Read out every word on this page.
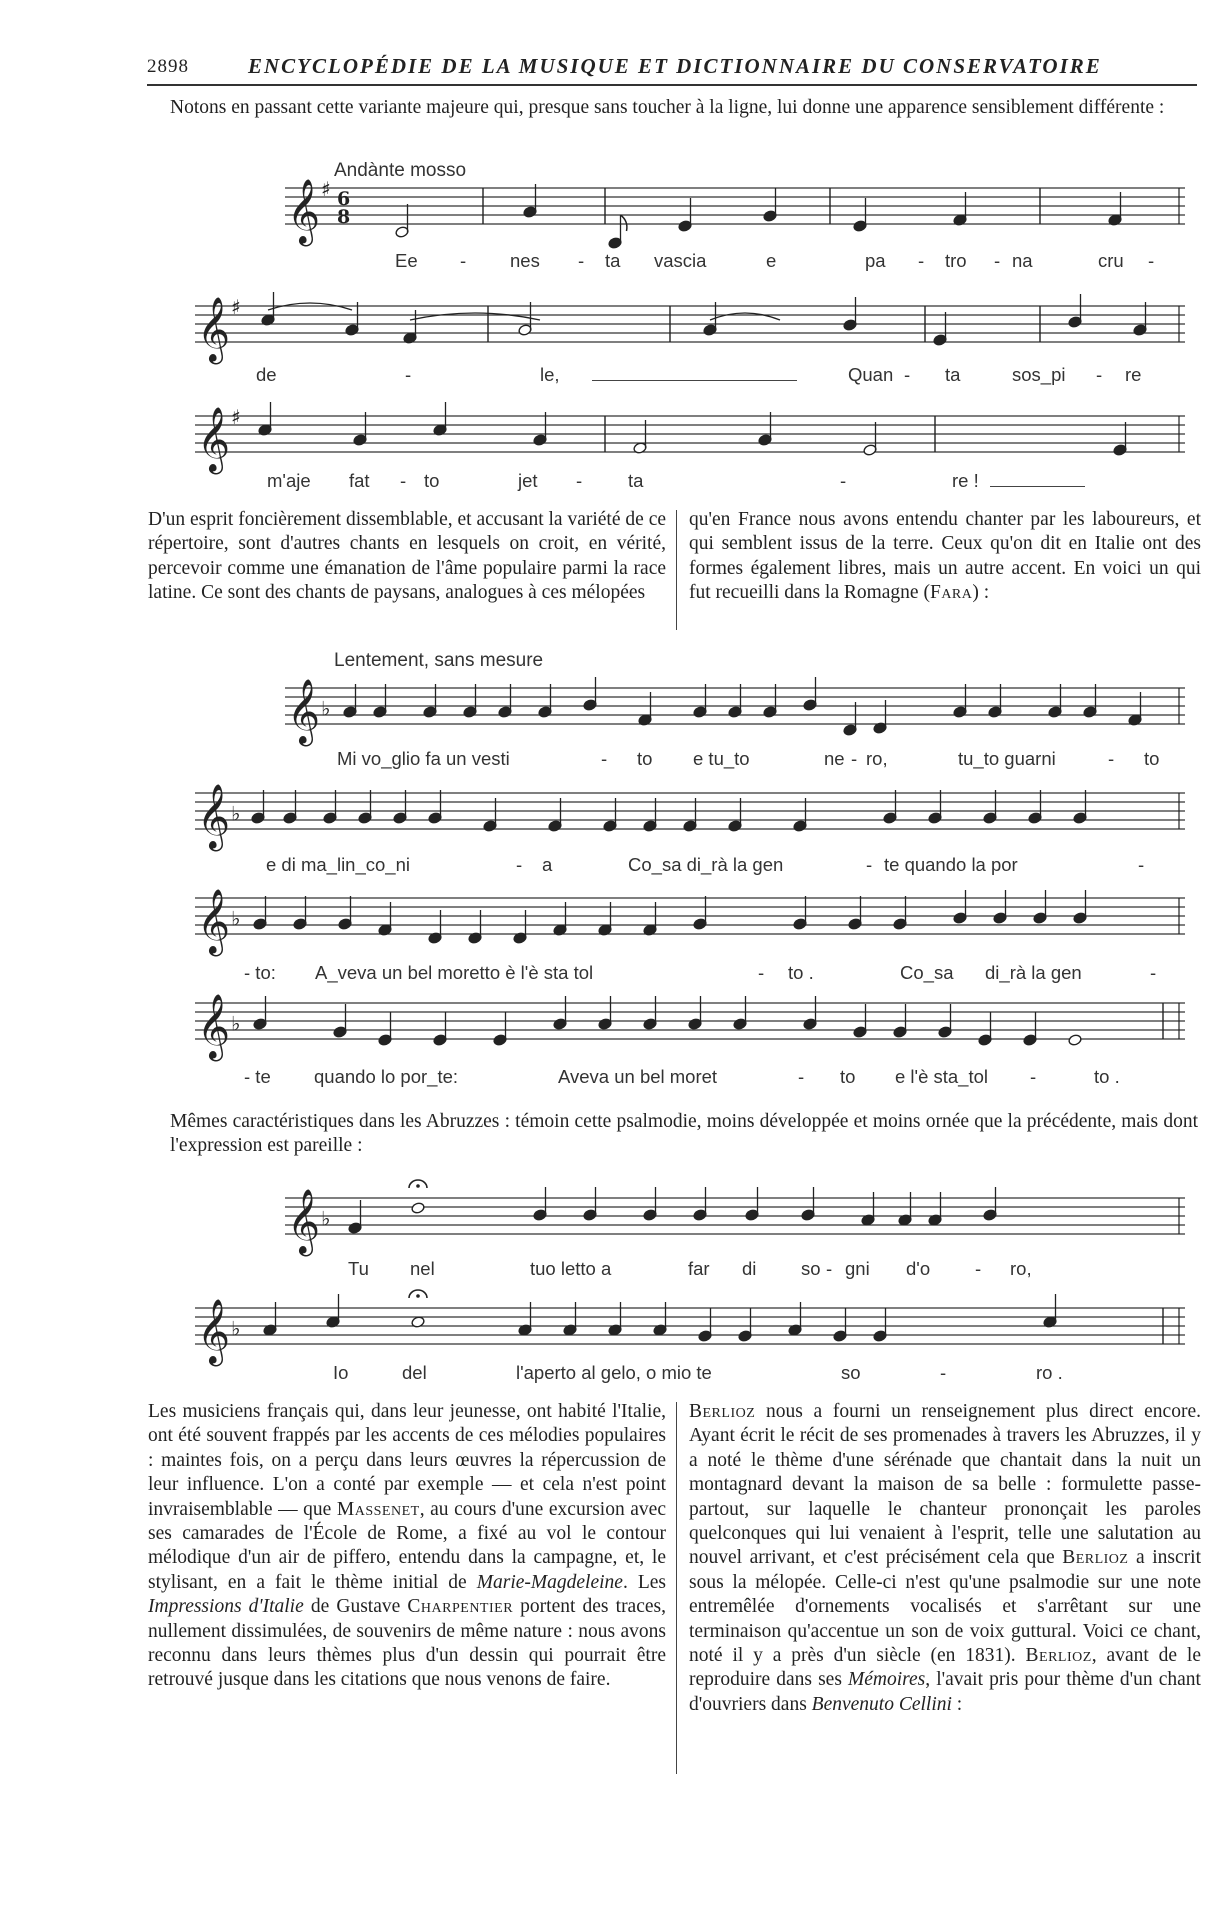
2898	ENCYCLOPÉDIE DE LA MUSIQUE ET DICTIONNAIRE DU CONSERVATOIRE
Notons en passant cette variante majeure qui, presque sans toucher à la ligne, lui donne une apparence sensiblement différente :
Andànte mosso
𝄞 ♯ 6
8
𝄞 ♯
𝄞 ♯
Ee - nes - ta vascia	e	pa - tro - na	cru -
de	-	le,	Quan - ta	sos_pi - re
m'aje fat - to	jet - ta	-	re !
D'un esprit foncièrement dissemblable, et accusant la variété de ce répertoire, sont d'autres chants en lesquels on croit, en vérité, percevoir comme une émanation de l'âme populaire parmi la race latine. Ce sont des chants de paysans, analogues à ces mélopées
qu'en France nous avons entendu chanter par les laboureurs, et qui semblent issus de la terre. Ceux qu'on dit en Italie ont des formes également libres, mais un autre accent. En voici un qui fut recueilli dans la Romagne (Fara) :
Lentement, sans mesure
𝄞 ♭
𝄞 ♭
𝄞 ♭
𝄞 ♭
Mi vo_glio fa un vesti	- to e tu_to	ne - ro,	tu_to guarni	- to
e di ma_lin_co_ni	- a	Co_sa di_rà la gen	- te quando la por	-
- to: A_veva un bel moretto è l'è sta tol	- to .	Co_sa di_rà la gen	-
- te quando lo por_te:	Aveva un bel moret	- to e l'è sta_tol -	to .
Mêmes caractéristiques dans les Abruzzes : témoin cette psalmodie, moins développée et moins ornée que la précédente, mais dont l'expression est pareille :
𝄞 ♭
𝄞 ♭
Tu nel	tuo letto a	far di so - gni d'o - ro,
Io	del	l'aperto al gelo, o mio te	so	-	ro .
Les musiciens français qui, dans leur jeunesse, ont habité l'Italie, ont été souvent frappés par les accents de ces mélodies populaires : maintes fois, on a perçu dans leurs œuvres la répercussion de leur influence. L'on a conté par exemple — et cela n'est point invraisemblable — que Massenet, au cours d'une excursion avec ses camarades de l'École de Rome, a fixé au vol le contour mélodique d'un air de piffero, entendu dans la campagne, et, le stylisant, en a fait le thème initial de Marie-Magdeleine. Les Impressions d'Italie de Gustave Charpentier portent des traces, nullement dissimulées, de souvenirs de même nature : nous avons reconnu dans leurs thèmes plus d'un dessin qui pourrait être retrouvé jusque dans les citations que nous venons de faire.
Berlioz nous a fourni un renseignement plus direct encore. Ayant écrit le récit de ses promenades à travers les Abruzzes, il y a noté le thème d'une sérénade que chantait dans la nuit un montagnard devant la maison de sa belle : formulette passe-partout, sur laquelle le chanteur prononçait les paroles quelconques qui lui venaient à l'esprit, telle une salutation au nouvel arrivant, et c'est précisément cela que Berlioz a inscrit sous la mélopée. Celle-ci n'est qu'une psalmodie sur une note entremêlée d'ornements vocalisés et s'arrêtant sur une terminaison qu'accentue un son de voix guttural. Voici ce chant, noté il y a près d'un siècle (en 1831). Berlioz, avant de le reproduire dans ses Mémoires, l'avait pris pour thème d'un chant d'ouvriers dans Benvenuto Cellini :
